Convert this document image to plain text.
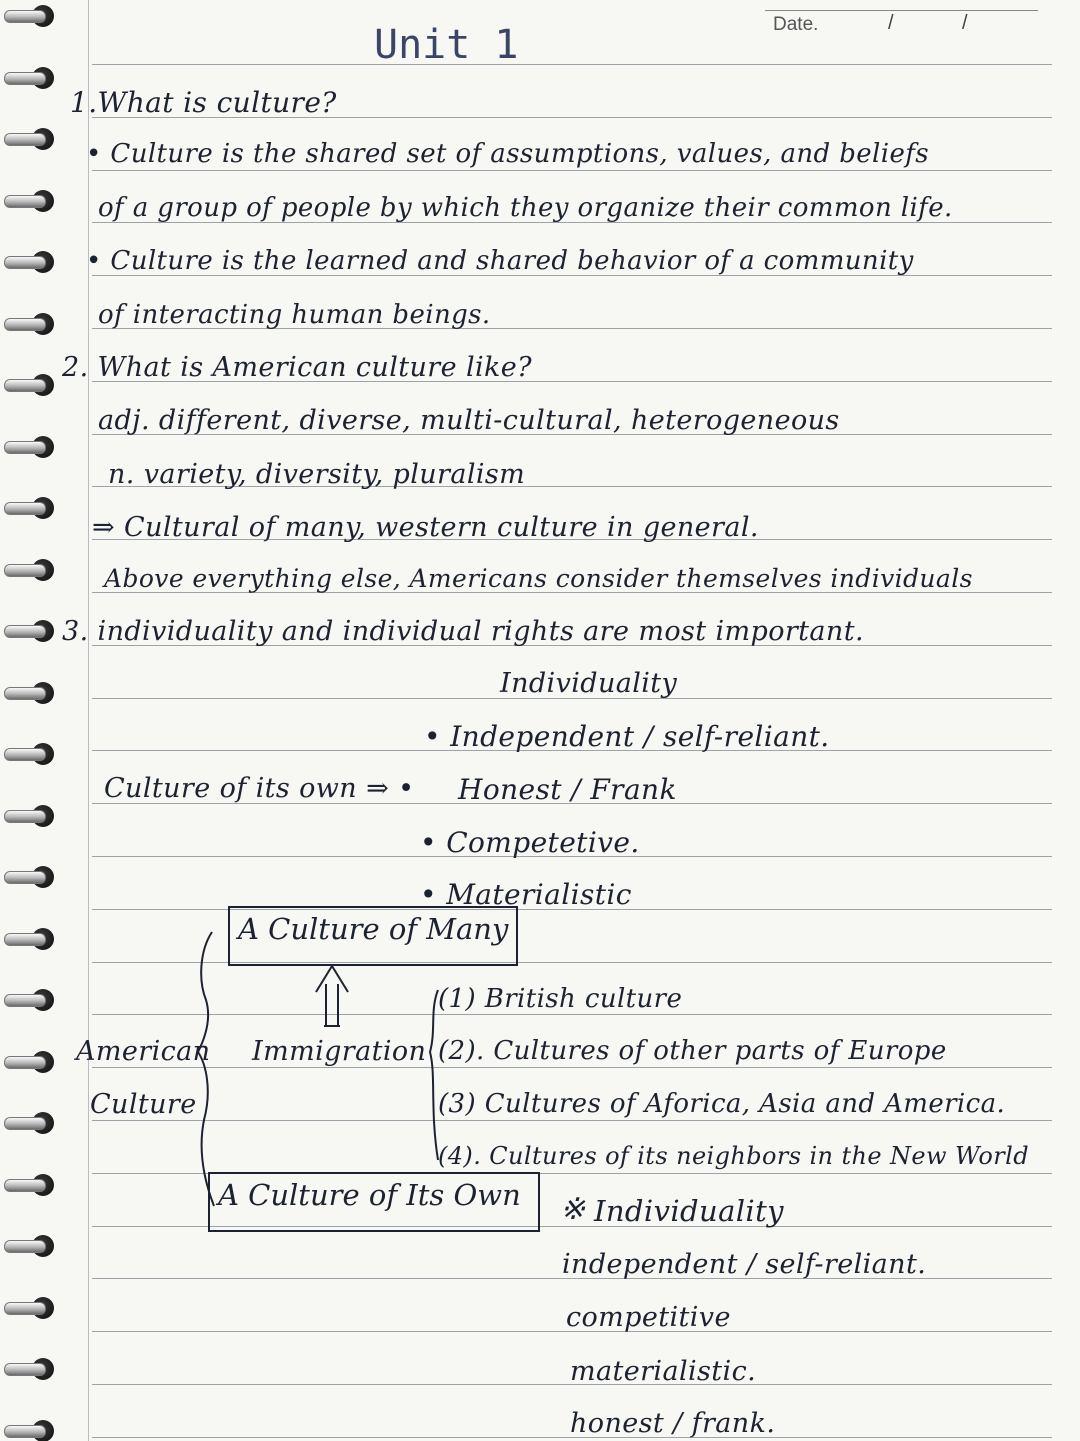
Unit 1	Date.	/	/
1.What is culture?
• Culture is the shared set of assumptions, values, and beliefs
of a group of people by which they organize their common life.
• Culture is the learned and shared behavior of a community
of interacting human beings.
2. What is American culture like?
adj. different, diverse, multi-cultural, heterogeneous
n. variety, diversity, pluralism
⇒ Cultural of many, western culture in general.
Above everything else, Americans consider themselves individuals
3. individuality and individual rights are most important.
Individuality
• Independent / self-reliant.
Culture of its own ⇒ • Honest / Frank
• Competetive.
• Materialistic
A Culture of Many
American
Culture
Immigration
(1) British culture
(2). Cultures of other parts of Europe
(3) Cultures of Aforica, Asia and America.
(4). Cultures of its neighbors in the New World
A Culture of Its Own ※ Individuality
independent / self-reliant.
competitive
materialistic.
honest / frank.
